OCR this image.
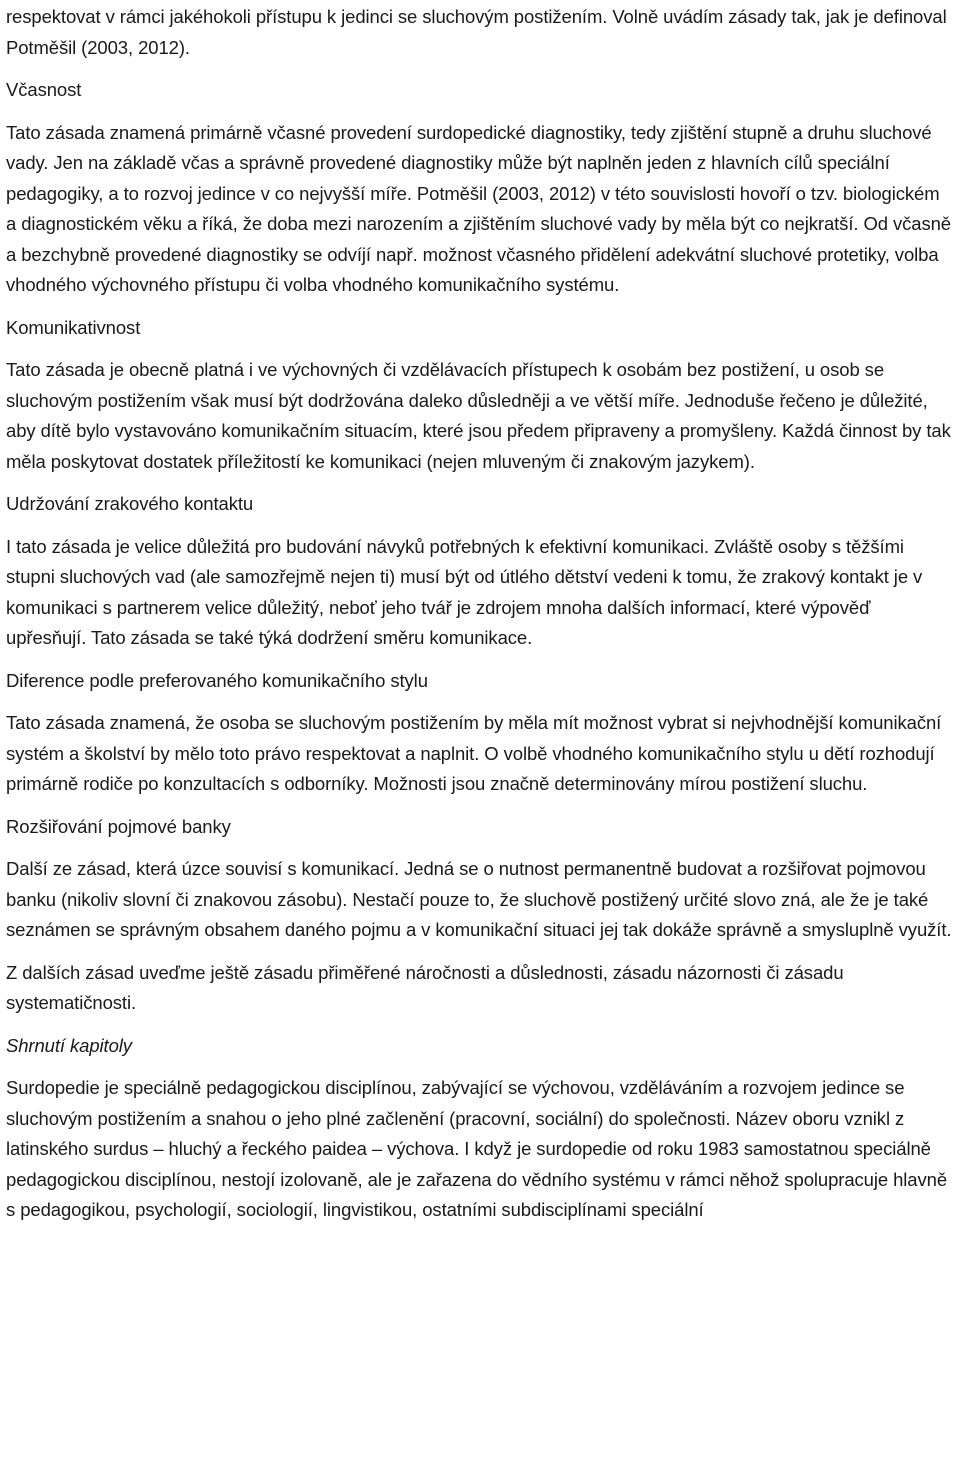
respektovat v rámci jakéhokoli přístupu k jedinci se sluchovým postižením. Volně uvádím zásady tak, jak je definoval Potměšil (2003, 2012).

Včasnost

Tato zásada znamená primárně včasné provedení surdopedické diagnostiky, tedy zjištění stupně a druhu sluchové vady. Jen na základě včas a správně provedené diagnostiky může být naplněn jeden z hlavních cílů speciální pedagogiky, a to rozvoj jedince v co nejvyšší míře. Potměšil (2003, 2012) v této souvislosti hovoří o tzv. biologickém a diagnostickém věku a říká, že doba mezi narozením a zjištěním sluchové vady by měla být co nejkratší. Od včasně a bezchybně provedené diagnostiky se odvíjí např. možnost včasného přidělení adekvátní sluchové protetiky, volba vhodného výchovného přístupu či volba vhodného komunikačního systému.

Komunikativnost

Tato zásada je obecně platná i ve výchovných či vzdělávacích přístupech k osobám bez postižení, u osob se sluchovým postižením však musí být dodržována daleko důsledněji a ve větší míře. Jednoduše řečeno je důležité, aby dítě bylo vystavováno komunikačním situacím, které jsou předem připraveny a promyšleny. Každá činnost by tak měla poskytovat dostatek příležitostí ke komunikaci (nejen mluveným či znakovým jazykem).

Udržování zrakového kontaktu

I tato zásada je velice důležitá pro budování návyků potřebných k efektivní komunikaci. Zvláště osoby s těžšími stupni sluchových vad (ale samozřejmě nejen ti) musí být od útlého dětství vedeni k tomu, že zrakový kontakt je v komunikaci s partnerem velice důležitý, neboť jeho tvář je zdrojem mnoha dalších informací, které výpověď upřesňují. Tato zásada se také týká dodržení směru komunikace.

Diference podle preferovaného komunikačního stylu

Tato zásada znamená, že osoba se sluchovým postižením by měla mít možnost vybrat si nejvhodnější komunikační systém a školství by mělo toto právo respektovat a naplnit. O volbě vhodného komunikačního stylu u dětí rozhodují primárně rodiče po konzultacích s odborníky. Možnosti jsou značně determinovány mírou postižení sluchu.

Rozšiřování pojmové banky

Další ze zásad, která úzce souvisí s komunikací. Jedná se o nutnost permanentně budovat a rozšiřovat pojmovou banku (nikoliv slovní či znakovou zásobu). Nestačí pouze to, že sluchově postižený určité slovo zná, ale že je také seznámen se správným obsahem daného pojmu a v komunikační situaci jej tak dokáže správně a smysluplně využít.

Z dalších zásad uveďme ještě zásadu přiměřené náročnosti a důslednosti, zásadu názornosti či zásadu systematičnosti.

Shrnutí kapitoly

Surdopedie je speciálně pedagogickou disciplínou, zabývající se výchovou, vzděláváním a rozvojem jedince se sluchovým postižením a snahou o jeho plné začlenění (pracovní, sociální) do společnosti. Název oboru vznikl z latinského surdus – hluchý a řeckého paidea – výchova. I když je surdopedie od roku 1983 samostatnou speciálně pedagogickou disciplínou, nestojí izolovaně, ale je zařazena do vědního systému v rámci něhož spolupracuje hlavně s pedagogikou, psychologií, sociologií, lingvistikou, ostatními subdisciplínami speciální
